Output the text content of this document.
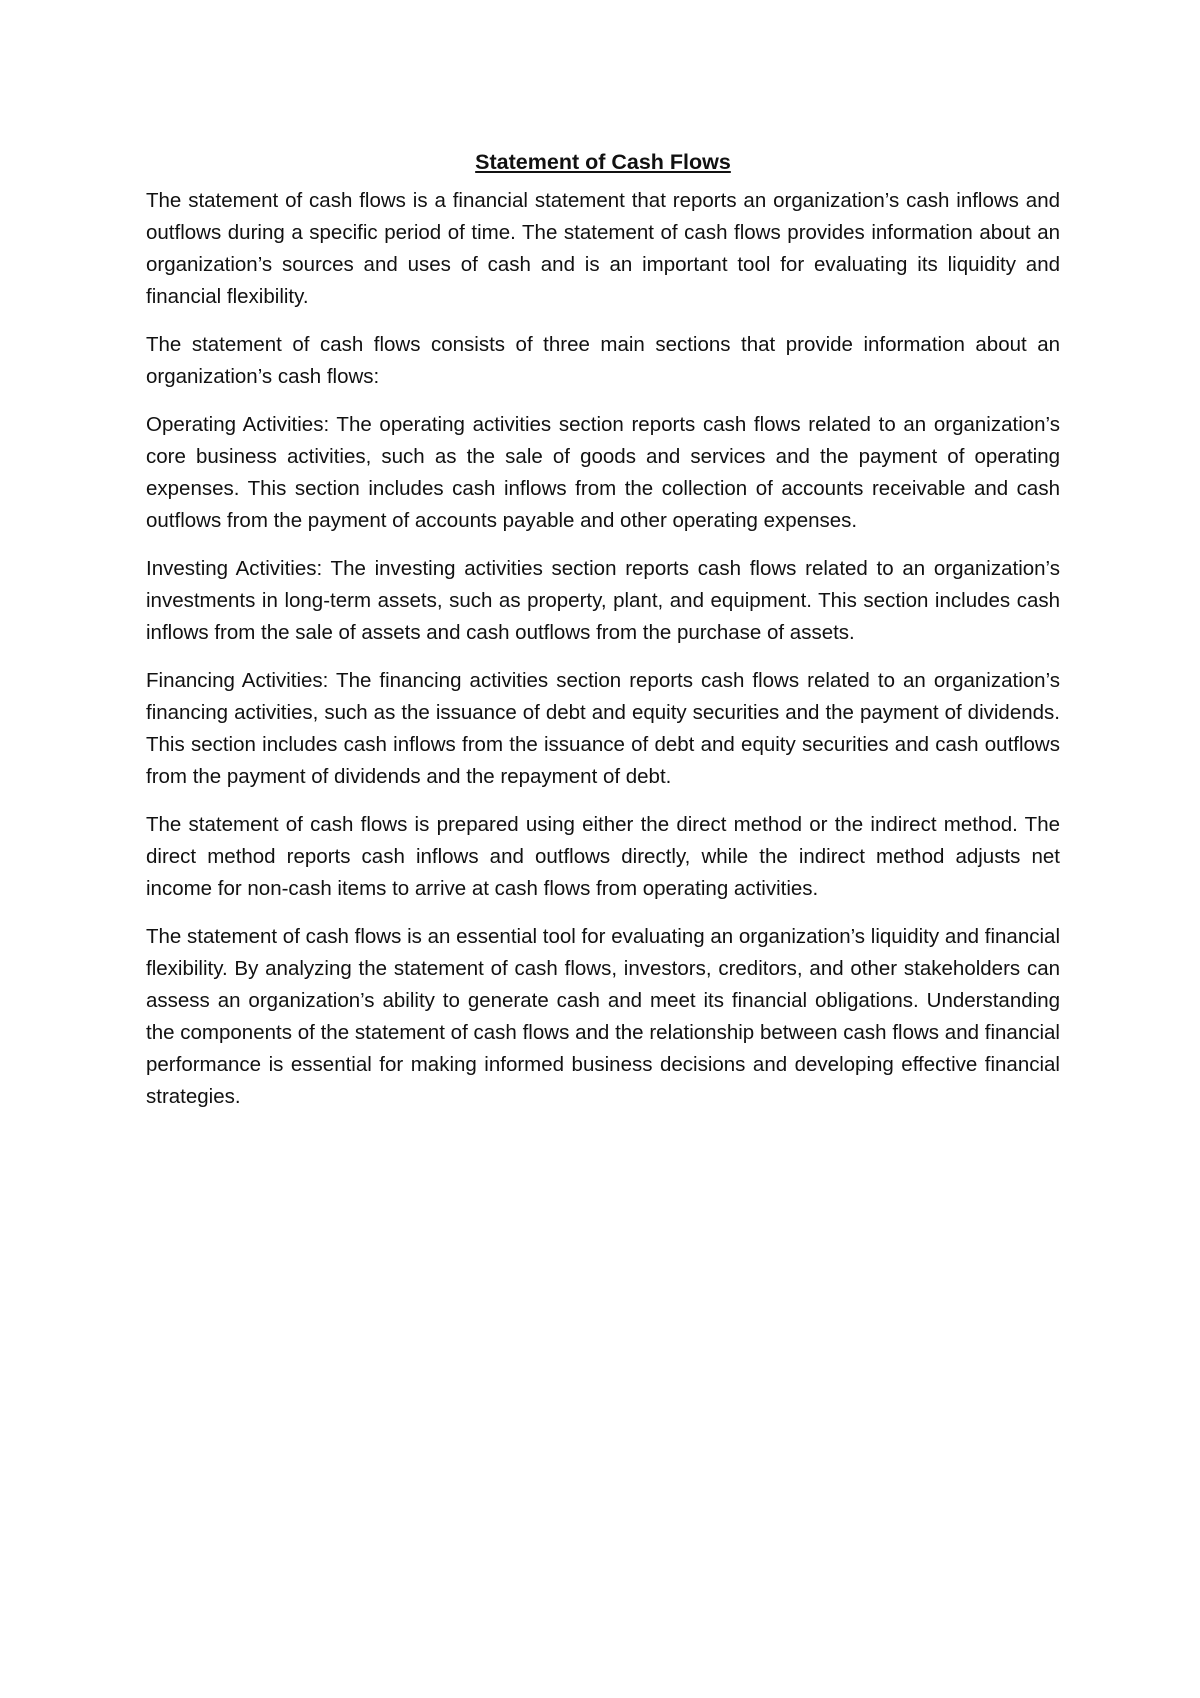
Statement of Cash Flows

The statement of cash flows is a financial statement that reports an organization’s cash inflows and outflows during a specific period of time. The statement of cash flows provides information about an organization’s sources and uses of cash and is an important tool for evaluating its liquidity and financial flexibility.

The statement of cash flows consists of three main sections that provide information about an organization’s cash flows:

Operating Activities: The operating activities section reports cash flows related to an organization’s core business activities, such as the sale of goods and services and the payment of operating expenses. This section includes cash inflows from the collection of accounts receivable and cash outflows from the payment of accounts payable and other operating expenses.

Investing Activities: The investing activities section reports cash flows related to an organization’s investments in long-term assets, such as property, plant, and equipment. This section includes cash inflows from the sale of assets and cash outflows from the purchase of assets.

Financing Activities: The financing activities section reports cash flows related to an organization’s financing activities, such as the issuance of debt and equity securities and the payment of dividends. This section includes cash inflows from the issuance of debt and equity securities and cash outflows from the payment of dividends and the repayment of debt.

The statement of cash flows is prepared using either the direct method or the indirect method. The direct method reports cash inflows and outflows directly, while the indirect method adjusts net income for non-cash items to arrive at cash flows from operating activities.

The statement of cash flows is an essential tool for evaluating an organization’s liquidity and financial flexibility. By analyzing the statement of cash flows, investors, creditors, and other stakeholders can assess an organization’s ability to generate cash and meet its financial obligations. Understanding the components of the statement of cash flows and the relationship between cash flows and financial performance is essential for making informed business decisions and developing effective financial strategies.
